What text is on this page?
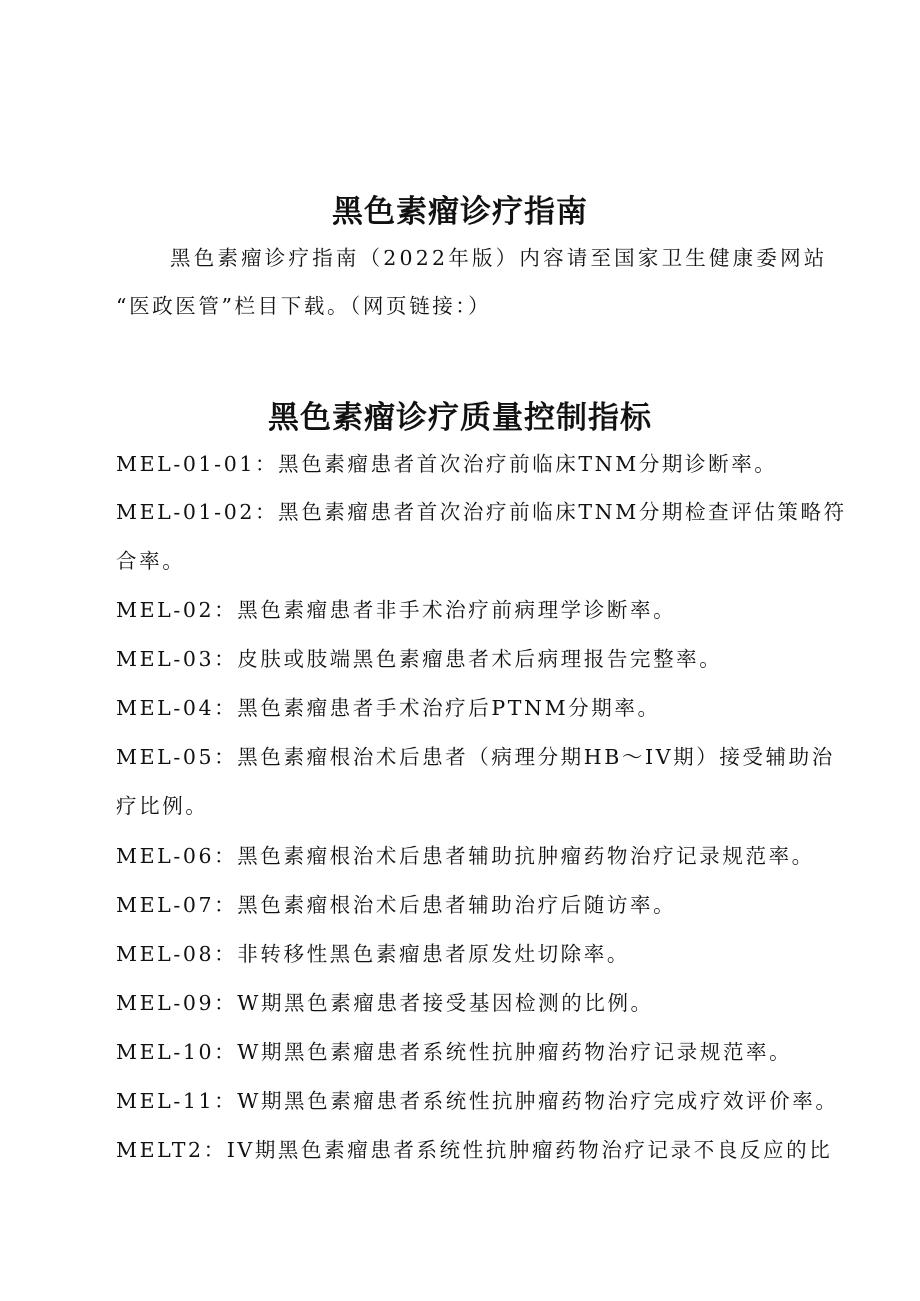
黑色素瘤诊疗指南
黑色素瘤诊疗指南（2022年版）内容请至国家卫生健康委网站
“医政医管”栏目下载。（网页链接：）
黑色素瘤诊疗质量控制指标
MEL-01-01：黑色素瘤患者首次治疗前临床TNM分期诊断率。
MEL-01-02：黑色素瘤患者首次治疗前临床TNM分期检查评估策略符
合率。
MEL-02：黑色素瘤患者非手术治疗前病理学诊断率。
MEL-03：皮肤或肢端黑色素瘤患者术后病理报告完整率。
MEL-04：黑色素瘤患者手术治疗后PTNM分期率。
MEL-05：黑色素瘤根治术后患者（病理分期HB～IV期）接受辅助治
疗比例。
MEL-06：黑色素瘤根治术后患者辅助抗肿瘤药物治疗记录规范率。
MEL-07：黑色素瘤根治术后患者辅助治疗后随访率。
MEL-08：非转移性黑色素瘤患者原发灶切除率。
MEL-09：W期黑色素瘤患者接受基因检测的比例。
MEL-10：W期黑色素瘤患者系统性抗肿瘤药物治疗记录规范率。
MEL-11：W期黑色素瘤患者系统性抗肿瘤药物治疗完成疗效评价率。
MELT2：IV期黑色素瘤患者系统性抗肿瘤药物治疗记录不良反应的比
